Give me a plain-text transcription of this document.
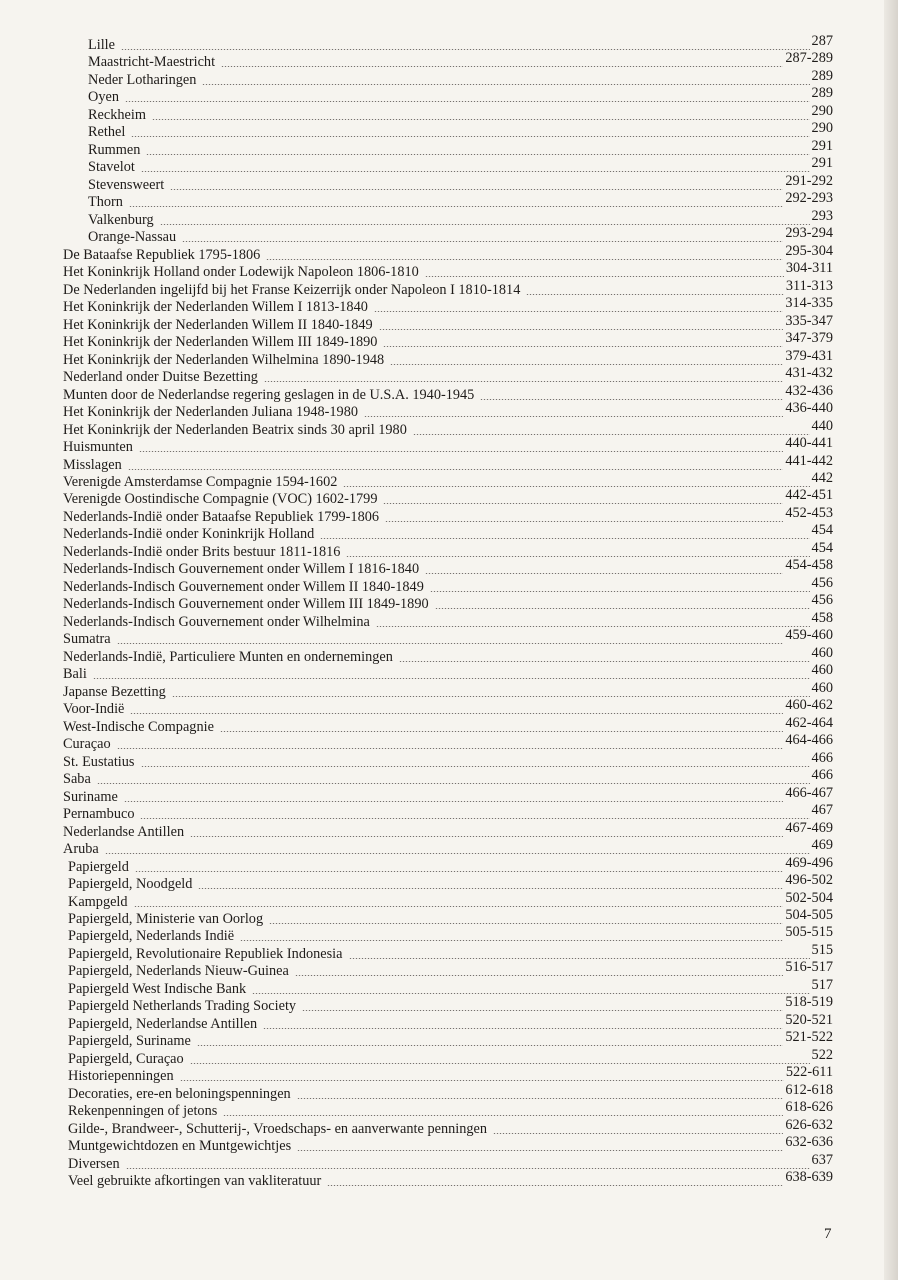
Lille	287
Maastricht-Maestricht	287-289
Neder Lotharingen	289
Oyen	289
Reckheim	290
Rethel	290
Rummen	291
Stavelot	291
Stevensweert	291-292
Thorn	292-293
Valkenburg	293
Orange-Nassau	293-294
De Bataafse Republiek 1795-1806	295-304
Het Koninkrijk Holland onder Lodewijk Napoleon 1806-1810	304-311
De Nederlanden ingelijfd bij het Franse Keizerrijk onder Napoleon I 1810-1814	311-313
Het Koninkrijk der Nederlanden Willem I 1813-1840	314-335
Het Koninkrijk der Nederlanden Willem II 1840-1849	335-347
Het Koninkrijk der Nederlanden Willem III 1849-1890	347-379
Het Koninkrijk der Nederlanden Wilhelmina 1890-1948	379-431
Nederland onder Duitse Bezetting	431-432
Munten door de Nederlandse regering geslagen in de U.S.A. 1940-1945	432-436
Het Koninkrijk der Nederlanden Juliana 1948-1980	436-440
Het Koninkrijk der Nederlanden Beatrix sinds 30 april 1980	440
Huismunten	440-441
Misslagen	441-442
Verenigde Amsterdamse Compagnie 1594-1602	442
Verenigde Oostindische Compagnie (VOC) 1602-1799	442-451
Nederlands-Indië onder Bataafse Republiek 1799-1806	452-453
Nederlands-Indië onder Koninkrijk Holland	454
Nederlands-Indië onder Brits bestuur 1811-1816	454
Nederlands-Indisch Gouvernement onder Willem I 1816-1840	454-458
Nederlands-Indisch Gouvernement onder Willem II 1840-1849	456
Nederlands-Indisch Gouvernement onder Willem III 1849-1890	456
Nederlands-Indisch Gouvernement onder Wilhelmina	458
Sumatra	459-460
Nederlands-Indië, Particuliere Munten en ondernemingen	460
Bali	460
Japanse Bezetting	460
Voor-Indië	460-462
West-Indische Compagnie	462-464
Curaçao	464-466
St. Eustatius	466
Saba	466
Suriname	466-467
Pernambuco	467
Nederlandse Antillen	467-469
Aruba	469
Papiergeld	469-496
Papiergeld, Noodgeld	496-502
Kampgeld	502-504
Papiergeld, Ministerie van Oorlog	504-505
Papiergeld, Nederlands Indië	505-515
Papiergeld, Revolutionaire Republiek Indonesia	515
Papiergeld, Nederlands Nieuw-Guinea	516-517
Papiergeld West Indische Bank	517
Papiergeld Netherlands Trading Society	518-519
Papiergeld, Nederlandse Antillen	520-521
Papiergeld, Suriname	521-522
Papiergeld, Curaçao	522
Historiepenningen	522-611
Decoraties, ere-en beloningspenningen	612-618
Rekenpenningen of jetons	618-626
Gilde-, Brandweer-, Schutterij-, Vroedschaps- en aanverwante penningen	626-632
Muntgewichtdozen en Muntgewichtjes	632-636
Diversen	637
Veel gebruikte afkortingen van vakliteratuur	638-639
7
